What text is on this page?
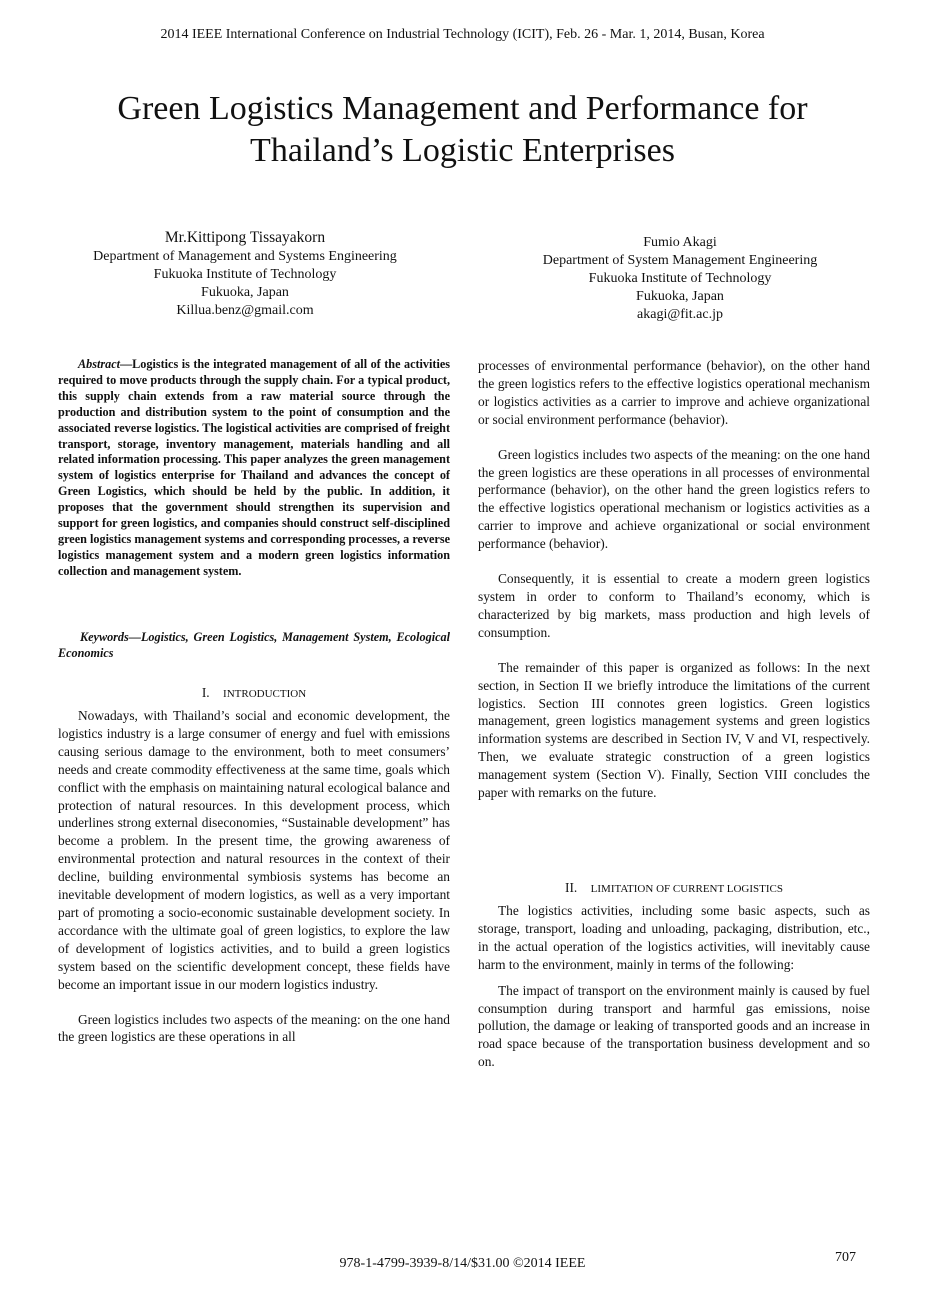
2014 IEEE International Conference on Industrial Technology (ICIT), Feb. 26 - Mar. 1, 2014, Busan, Korea
Green Logistics Management and Performance for
Thailand’s Logistic Enterprises
Mr.Kittipong Tissayakorn
Department of Management and Systems Engineering
Fukuoka Institute of Technology
Fukuoka, Japan
Killua.benz@gmail.com
Fumio Akagi
Department of System Management Engineering
Fukuoka Institute of Technology
Fukuoka, Japan
akagi@fit.ac.jp

Abstract—Logistics is the integrated management of all of the activities required to move products through the supply chain. For a typical product, this supply chain extends from a raw material source through the production and distribution system to the point of consumption and the associated reverse logistics. The logistical activities are comprised of freight transport, storage, inventory management, materials handling and all related information processing. This paper analyzes the green management system of logistics enterprise for Thailand and advances the concept of Green Logistics, which should be held by the public. In addition, it proposes that the government should strengthen its supervision and support for green logistics, and companies should construct self-disciplined green logistics management systems and corresponding processes, a reverse logistics management system and a modern green logistics information collection and management system.

Keywords—Logistics, Green Logistics, Management System, Ecological Economics
I. INTRODUCTION

Nowadays, with Thailand’s social and economic development, the logistics industry is a large consumer of energy and fuel with emissions causing serious damage to the environment, both to meet consumers’ needs and create commodity effectiveness at the same time, goals which conflict with the emphasis on maintaining natural ecological balance and protection of natural resources. In this development process, which underlines strong external diseconomies, “Sustainable development” has become a problem. In the present time, the growing awareness of environmental protection and natural resources in the context of their decline, building environmental symbiosis systems has become an inevitable development of modern logistics, as well as a very important part of promoting a socio-economic sustainable development society. In accordance with the ultimate goal of green logistics, to explore the law of development of logistics activities, and to build a green logistics system based on the scientific development concept, these fields have become an important issue in our modern logistics industry.

Green logistics includes two aspects of the meaning: on the one hand the green logistics are these operations in all

processes of environmental performance (behavior), on the other hand the green logistics refers to the effective logistics operational mechanism or logistics activities as a carrier to improve and achieve organizational or social environment performance (behavior).

Green logistics includes two aspects of the meaning: on the one hand the green logistics are these operations in all processes of environmental performance (behavior), on the other hand the green logistics refers to the effective logistics operational mechanism or logistics activities as a carrier to improve and achieve organizational or social environment performance (behavior).

Consequently, it is essential to create a modern green logistics system in order to conform to Thailand’s economy, which is characterized by big markets, mass production and high levels of consumption.

The remainder of this paper is organized as follows: In the next section, in Section II we briefly introduce the limitations of the current logistics. Section III connotes green logistics. Green logistics management, green logistics management systems and green logistics information systems are described in Section IV, V and VI, respectively. Then, we evaluate strategic construction of a green logistics management system (Section V). Finally, Section VIII concludes the paper with remarks on the future.

II. LIMITATION OF CURRENT LOGISTICS

The logistics activities, including some basic aspects, such as storage, transport, loading and unloading, packaging, distribution, etc., in the actual operation of the logistics activities, will inevitably cause harm to the environment, mainly in terms of the following:

The impact of transport on the environment mainly is caused by fuel consumption during transport and harmful gas emissions, noise pollution, the damage or leaking of transported goods and an increase in road space because of the transportation business development and so on.

978-1-4799-3939-8/14/$31.00 ©2014 IEEE	707
